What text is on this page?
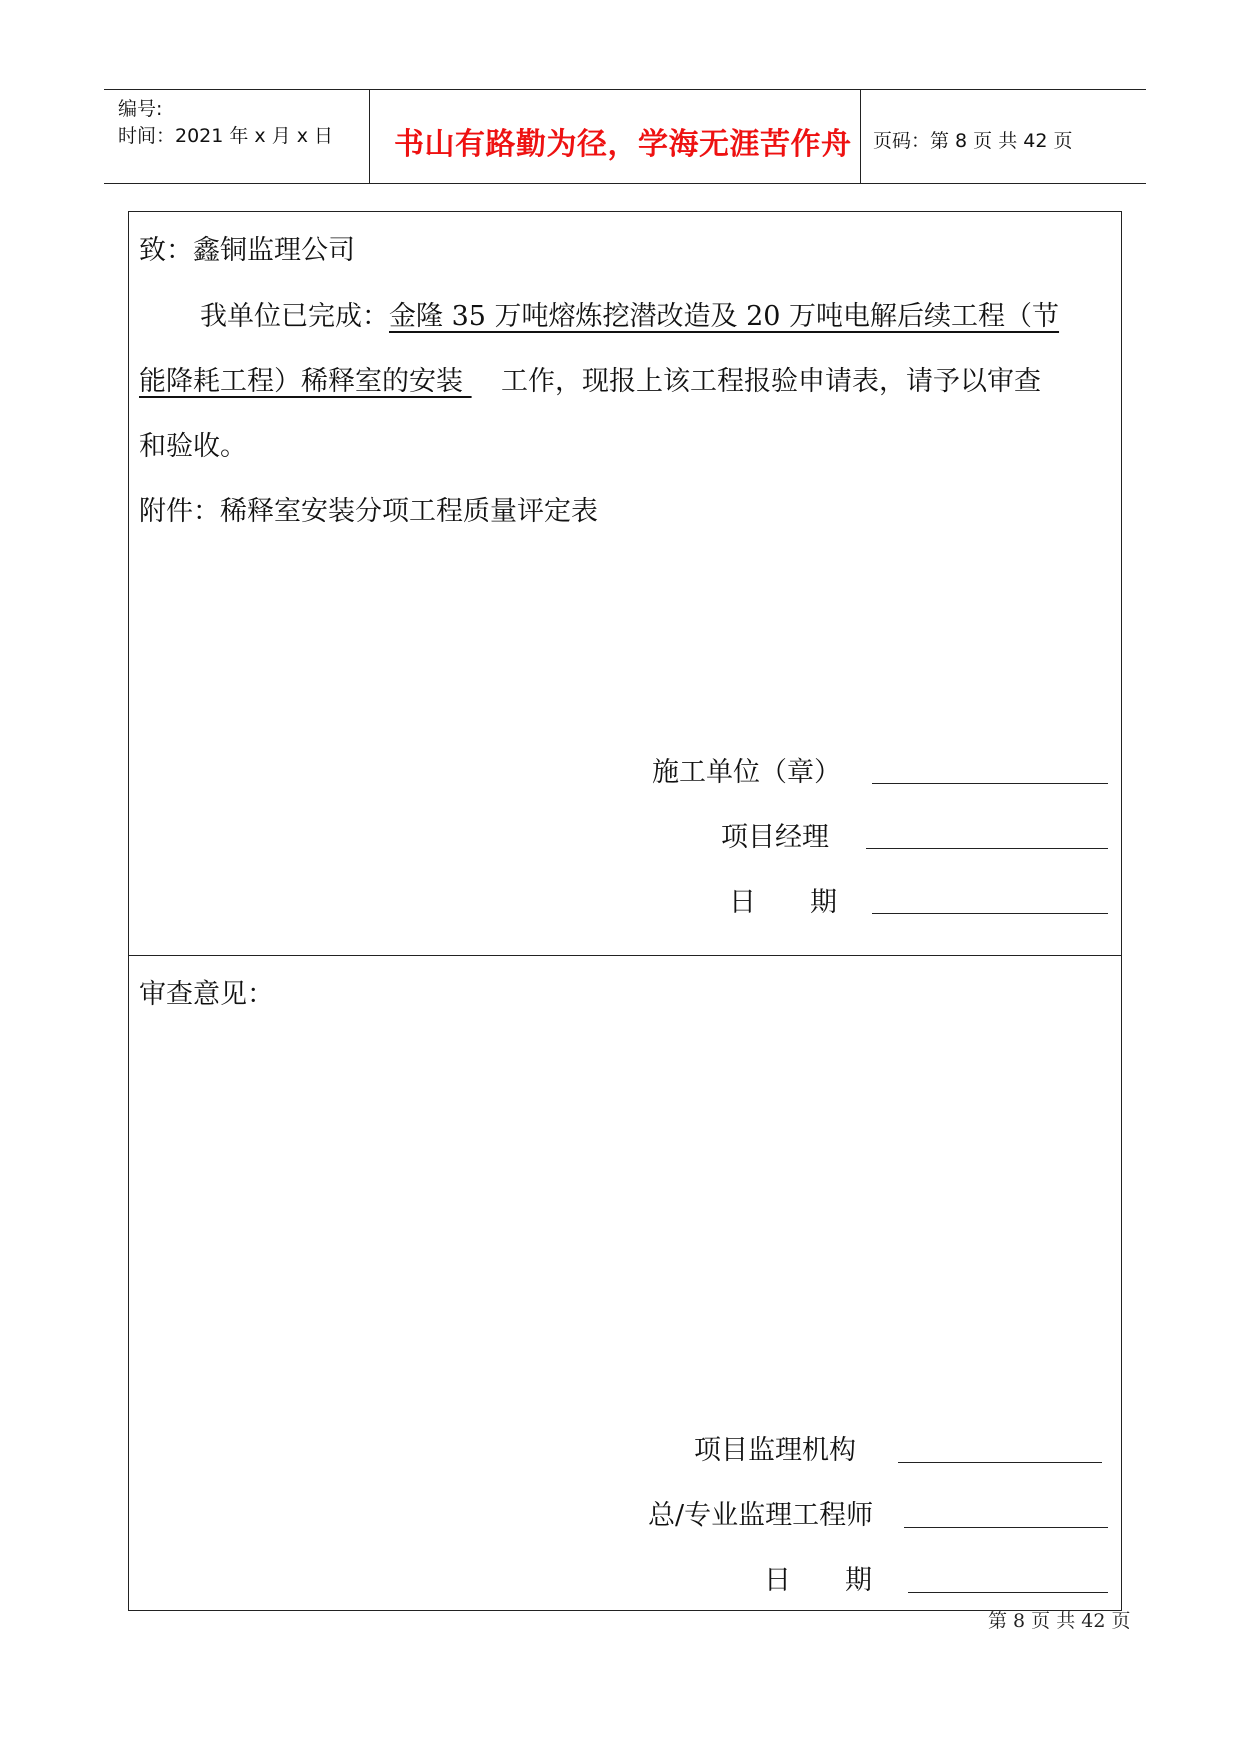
编号:
时间：2021 年 x 月 x 日 书山有路勤为径，学海无涯苦作舟 页码：第 8 页 共 42 页
致：鑫铜监理公司
我单位已完成：金隆 35 万吨熔炼挖潜改造及 20 万吨电解后续工程（节
能降耗工程）稀释室的安装 工作，现报上该工程报验申请表，请予以审查
和验收。
附件：稀释室安装分项工程质量评定表
施工单位（章）
项目经理
日　　期
审查意见：
项目监理机构
总/专业监理工程师
日　　期
第 8 页 共 42 页
